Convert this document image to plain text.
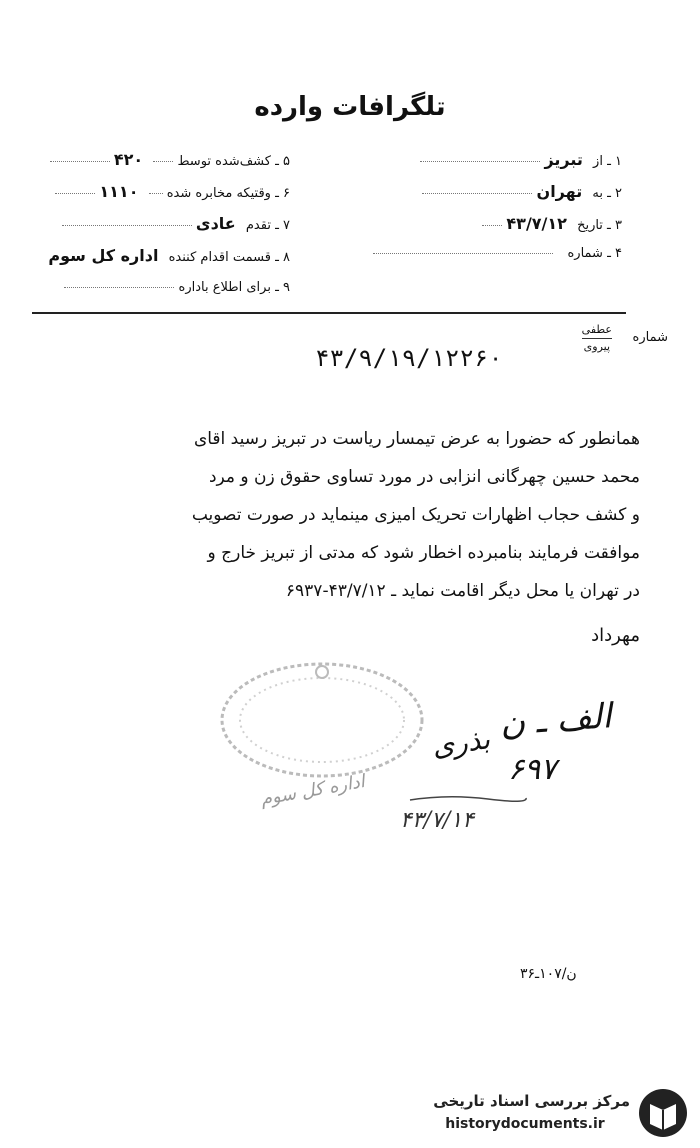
تلگرافات وارده
۱ ـ از تبریز
۲ ـ به تهران
۳ ـ تاریخ ۴۳/۷/۱۲
۴ ـ شماره
۵ ـ کشف‌شده توسط  ۴۲۰
۶ ـ وقتیکه مخابره شده  ۱۱۱۰
۷ ـ تقدم عادی
۸ ـ قسمت اقدام کننده اداره کل سوم
۹ ـ برای اطلاع باداره
شماره
عطفی
پیروی
۴۳/۹/۱۹/۱۲۲۶۰
همانطور که حضورا به عرض تیمسار ریاست در تبریز رسید اقای
محمد حسین چهرگانی انزابی در مورد تساوی حقوق زن و مرد
و کشف حجاب اظهارات تحریک امیزی مینماید در صورت تصویب
موافقت فرمایند بنامبرده اخطار شود که مدتی از تبریز خارج و
در تهران یا محل دیگر اقامت نماید ـ ۴۳/۷/۱۲-۶۹۳۷
مهرداد
اداره کل سوم
الف ـ ن
۶۹۷
بذری
۴۳/۷/۱۴
ن/۱۰۷ـ۳۶
مرکز بررسی اسناد تاریخی
historydocuments.ir
